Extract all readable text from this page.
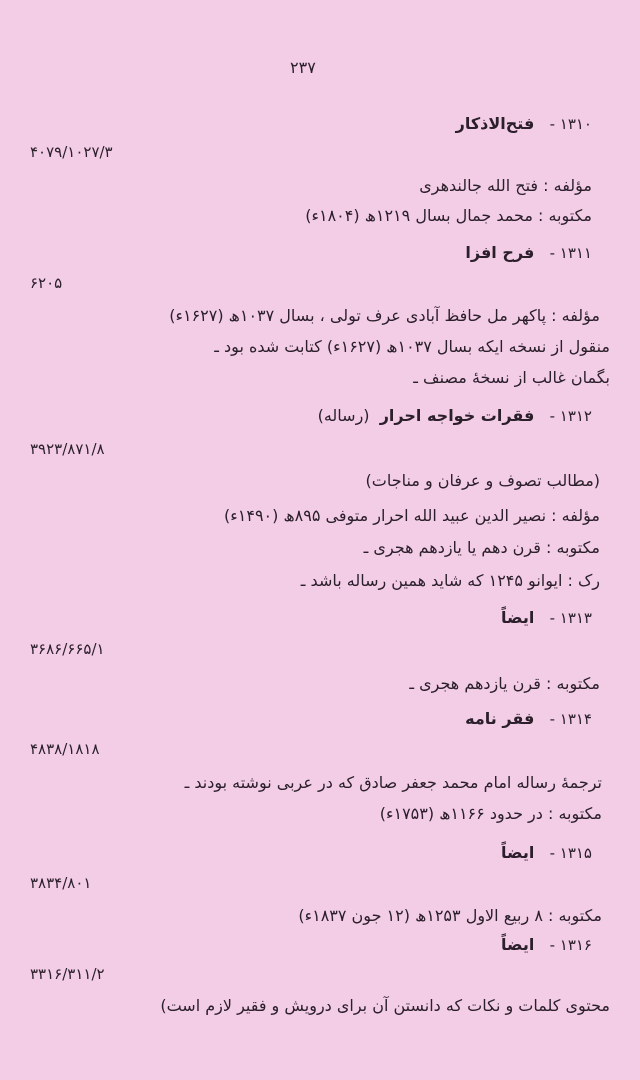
۲۳۷
۱۳۱۰ -   فتح‌الاذکار
۴۰۷۹/۱۰۲۷/۳
مؤلفه : فتح الله جالندهری
مکتوبه : محمد جمال بسال ۱۲۱۹ھ (۱۸۰۴ء)
۱۳۱۱ -   فرح افزا
۶۲۰۵
مؤلفه : پاکھر مل حافظ آبادی عرف تولی ، بسال ۱۰۳۷ھ (۱۶۲۷ء)
منقول از نسخه ایکه بسال ۱۰۳۷ھ (۱۶۲۷ء) کتابت شده بود ـ
بگمان غالب از نسخهٔ مصنف ـ
۱۳۱۲ -   فقرات خواجه احرار  (رساله)
۳۹۲۳/۸۷۱/۸
(مطالب تصوف و عرفان و مناجات)
مؤلفه : نصیر الدین عبید الله احرار متوفی ۸۹۵ھ (۱۴۹۰ء)
مکتوبه : قرن دهم یا یازدهم هجری ـ
رک : ایوانو ۱۲۴۵ که شاید همین رساله باشد ـ
۱۳۱۳ -   ایضاً
۳۶۸۶/۶۶۵/۱
مکتوبه : قرن یازدهم هجری ـ
۱۳۱۴ -   فقر نامه
۴۸۳۸/۱۸۱۸
ترجمهٔ رساله امام محمد جعفر صادق که در عربی نوشته بودند ـ
مکتوبه : در حدود ۱۱۶۶ھ (۱۷۵۳ء)
۱۳۱۵ -   ایضاً
۳۸۳۴/۸۰۱
مکتوبه : ۸ ربیع الاول ۱۲۵۳ھ (۱۲ جون ۱۸۳۷ء)
۱۳۱۶ -   ایضاً
۳۳۱۶/۳۱۱/۲
محتوی کلمات و نکات که دانستن آن برای درویش و فقیر لازم است)
